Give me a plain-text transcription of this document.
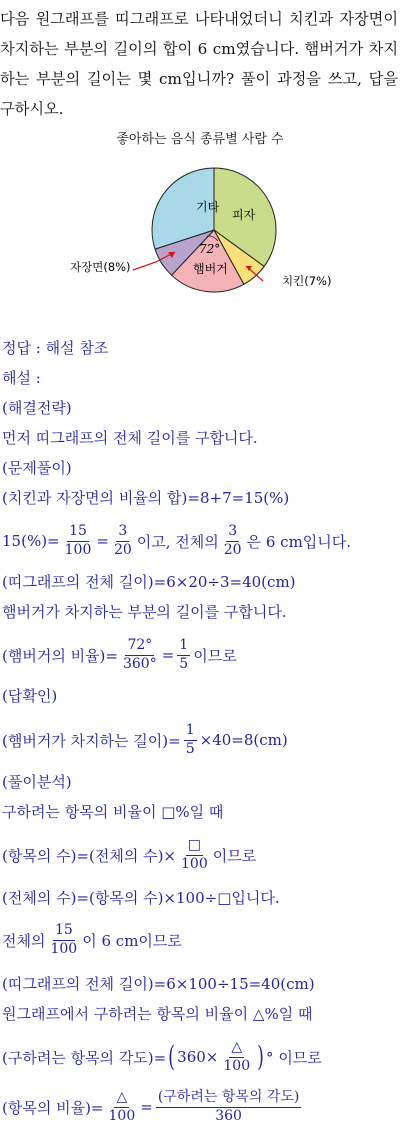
다음 원그래프를 띠그래프로 나타내었더니 치킨과 자장면이 차지하는 부분의 길이의 합이 6 cm였습니다. 햄버거가 차지하는 부분의 길이는 몇 cm입니까? 풀이 과정을 쓰고, 답을 구하시오.
좋아하는 음식 종류별 사람 수
기타
피자
72°
햄버거
자장면(8%)
치킨(7%)
정답 : 해설 참조
해설 :
(해결전략)
먼저 띠그래프의 전체 길이를 구합니다.
(문제풀이)
(치킨과 자장면의 비율의 합)=8+7=15(%)
$15(\%)= \frac{15}{100} = \frac{3}{20}$ 이고, 전체의 $\frac{3}{20}$ 은 6 cm입니다.
(띠그래프의 전체 길이)=6×20÷3=40(cm)
햄버거가 차지하는 부분의 길이를 구합니다.
(햄버거의 비율)= $\frac{72^\circ}{360^\circ} = \frac{1}{5}$ 이므로
(답확인)
(햄버거가 차지하는 길이)= $\frac{1}{5} \times 40=8(cm)$
(풀이분석)
구하려는 항목의 비율이 □%일 때
(항목의 수)=(전체의 수)× $\frac{□}{100}$ 이므로
(전체의 수)=(항목의 수)×100÷□입니다.
전체의 $\frac{15}{100}$ 이 6 cm이므로
(띠그래프의 전체 길이)=6×100÷15=40(cm)
원그래프에서 구하려는 항목의 비율이 △%일 때
(구하려는 항목의 각도)= ( $360\times \frac{\triangle}{100}$ ) ° 이므로
(항목의 비율)= $\frac{\triangle}{100} = \frac{\text{(구하려는 항목의 각도)}}{360}$
